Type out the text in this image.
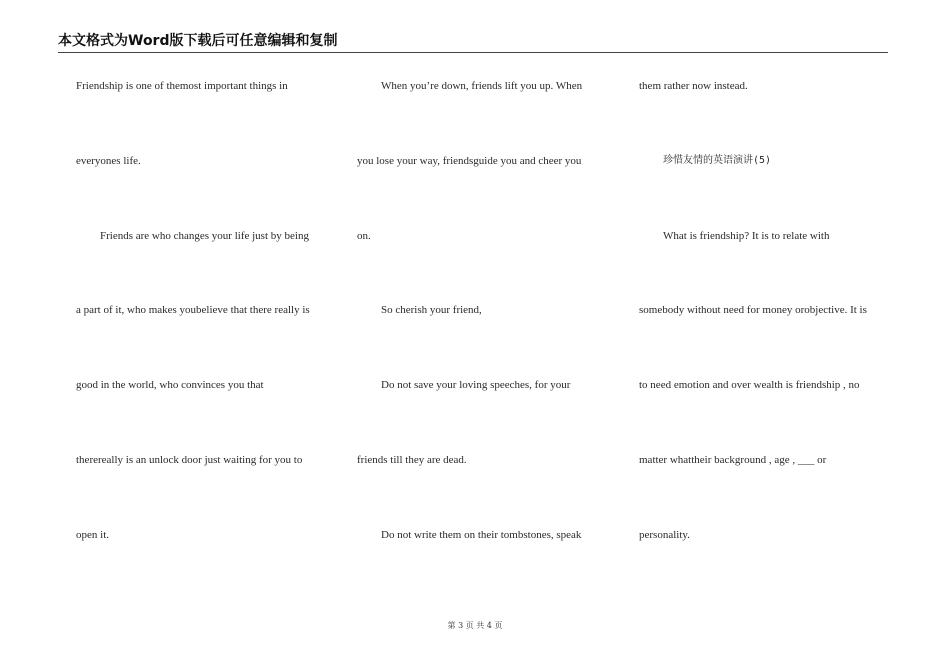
本文格式为Word版下载后可任意编辑和复制
Friendship is one of themost important things in
everyones life.
Friends are who changes your life just by being
a part of it, who makes youbelieve that there really is
good in the world, who convinces you that
therereally is an unlock door just waiting for you to
open it.
When you’re down, friends lift you up. When
you lose your way, friendsguide you and cheer you
on.
So cherish your friend,
Do not save your loving speeches, for your
friends till they are dead.
Do not write them on their tombstones, speak
them rather now instead.
珍惜友情的英语演讲(5)
What is friendship? It is to relate with
somebody without need for money orobjective. It is
to need emotion and over wealth is friendship , no
matter whattheir background , age , ___ or
personality.
第 3 页 共 4 页
